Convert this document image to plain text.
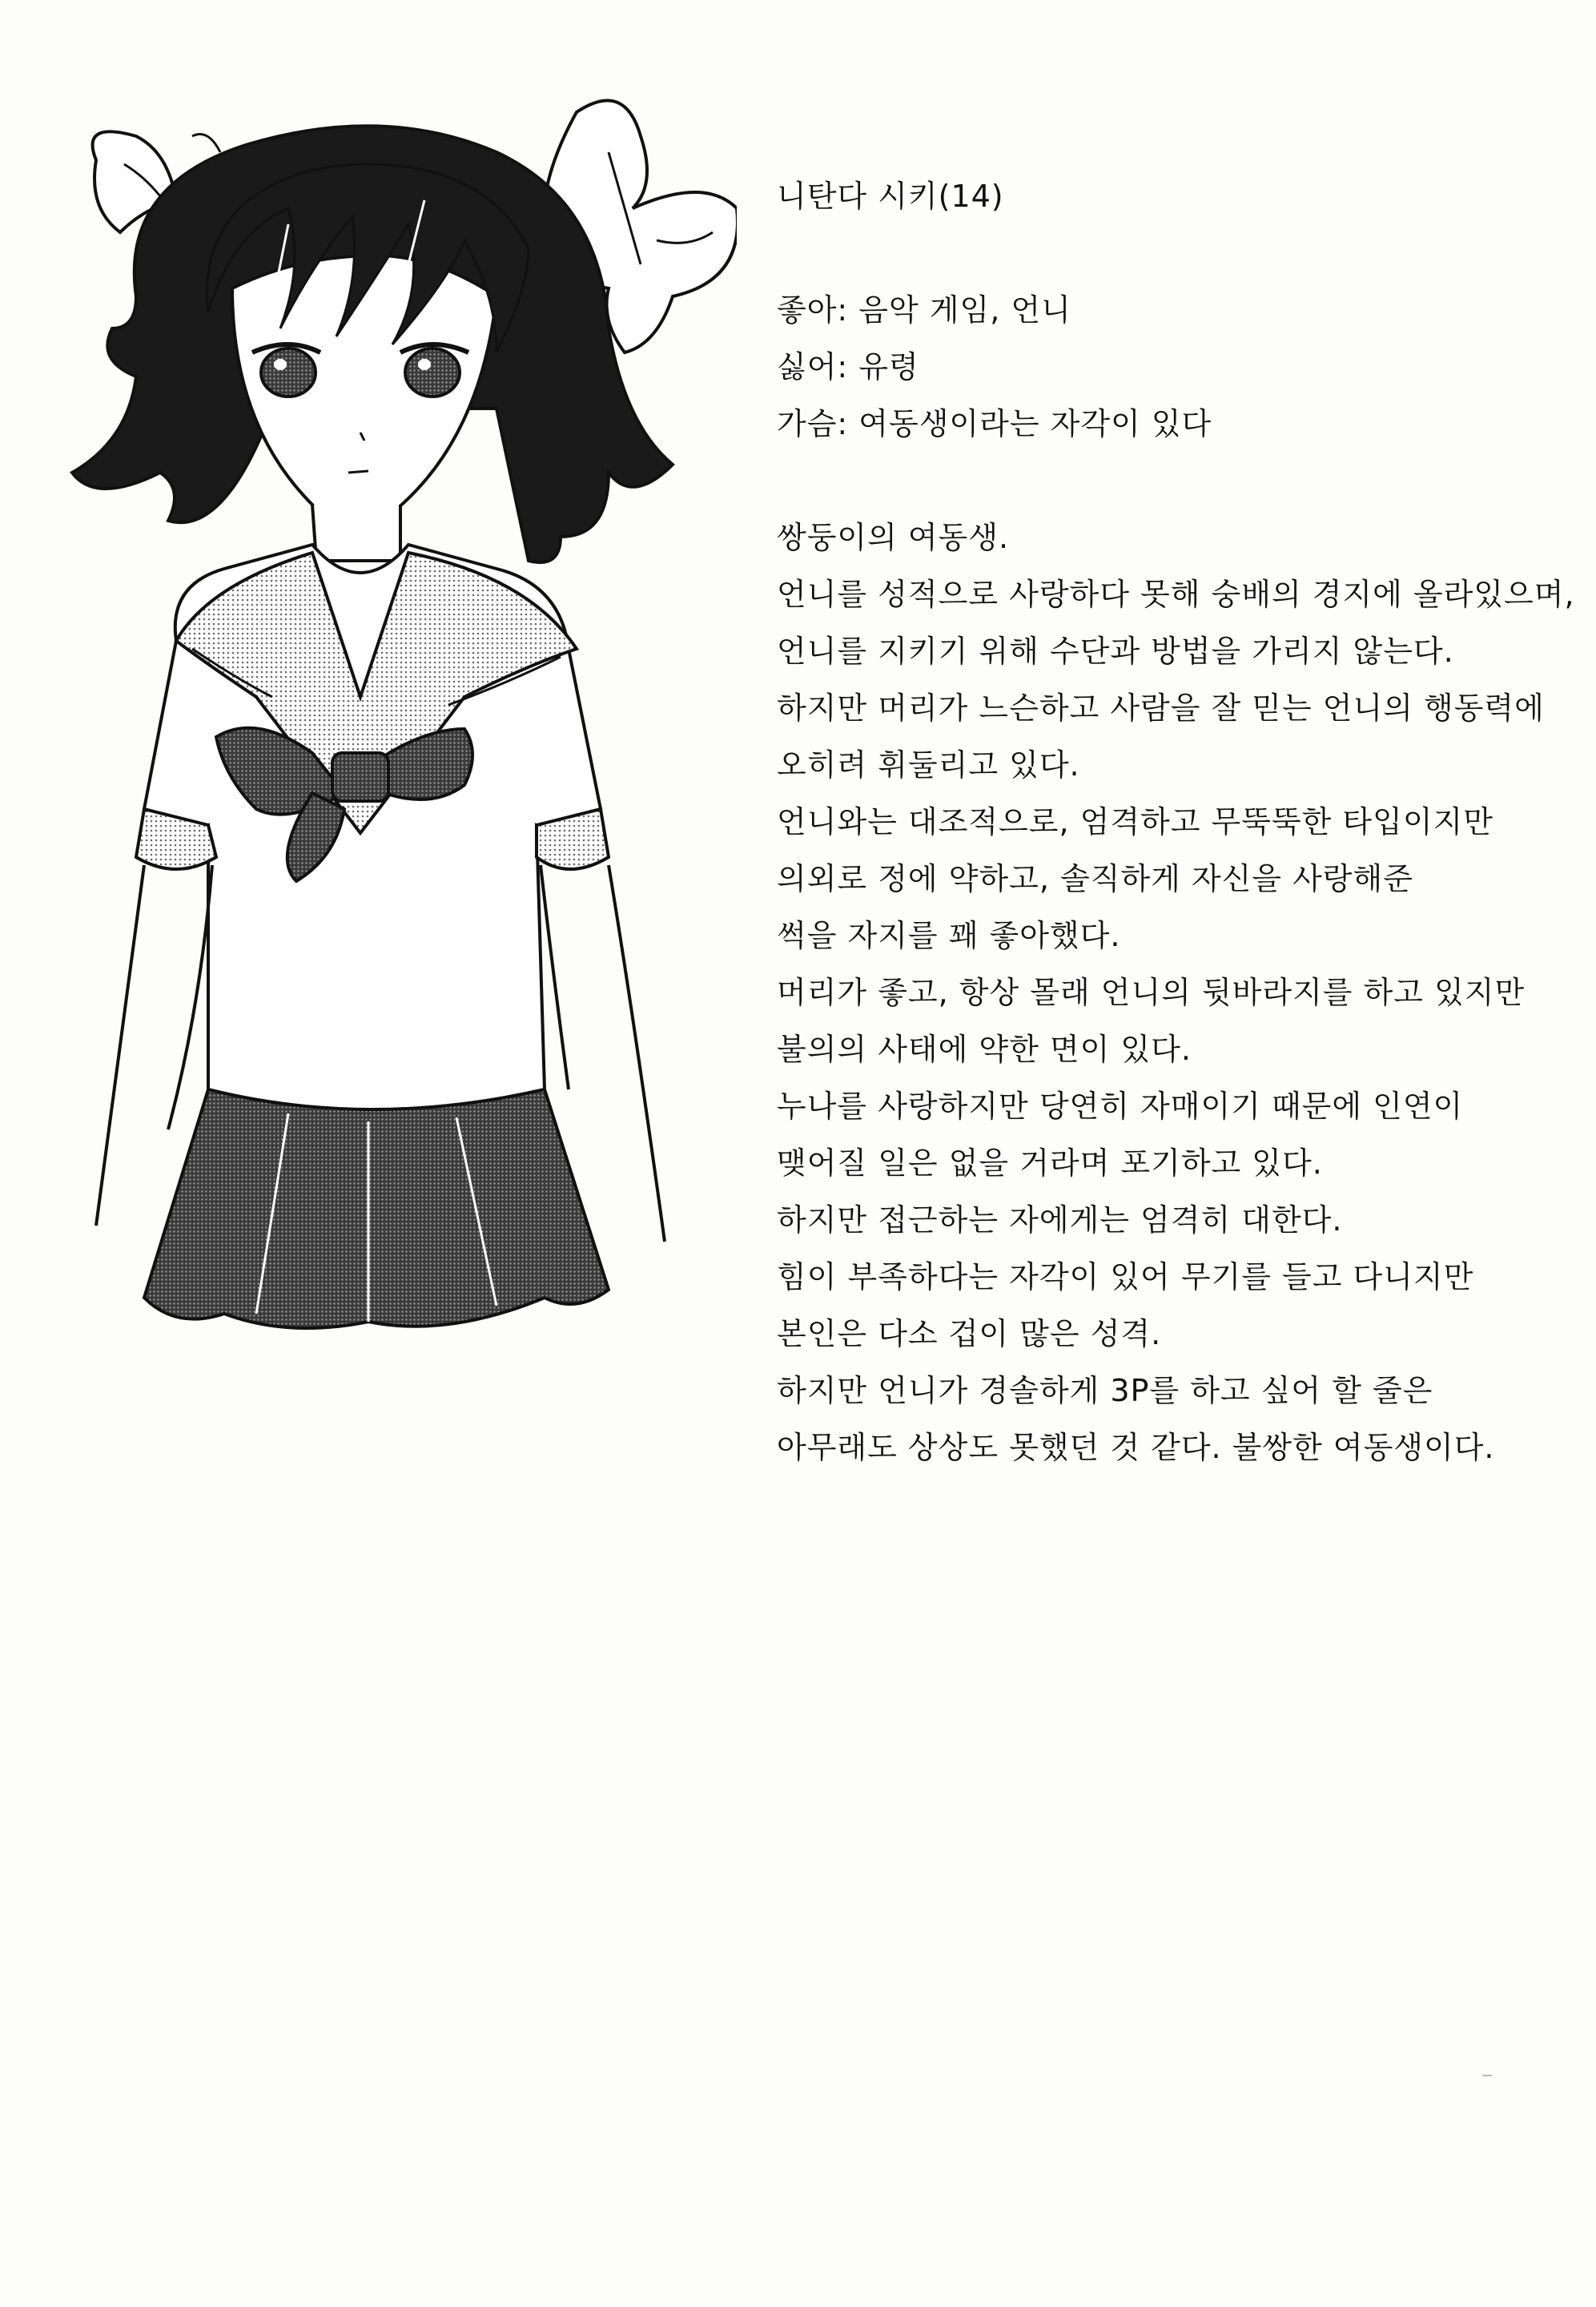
니탄다 시키(14)
좋아: 음악 게임, 언니
싫어: 유령
가슴: 여동생이라는 자각이 있다
쌍둥이의 여동생.
언니를 성적으로 사랑하다 못해 숭배의 경지에 올라있으며,
언니를 지키기 위해 수단과 방법을 가리지 않는다.
하지만 머리가 느슨하고 사람을 잘 믿는 언니의 행동력에
오히려 휘둘리고 있다.
언니와는 대조적으로, 엄격하고 무뚝뚝한 타입이지만
의외로 정에 약하고, 솔직하게 자신을 사랑해준
썩을 자지를 꽤 좋아했다.
머리가 좋고, 항상 몰래 언니의 뒷바라지를 하고 있지만
불의의 사태에 약한 면이 있다.
누나를 사랑하지만 당연히 자매이기 때문에 인연이
맺어질 일은 없을 거라며 포기하고 있다.
하지만 접근하는 자에게는 엄격히 대한다.
힘이 부족하다는 자각이 있어 무기를 들고 다니지만
본인은 다소 겁이 많은 성격.
하지만 언니가 경솔하게 3P를 하고 싶어 할 줄은
아무래도 상상도 못했던 것 같다. 불쌍한 여동생이다.
